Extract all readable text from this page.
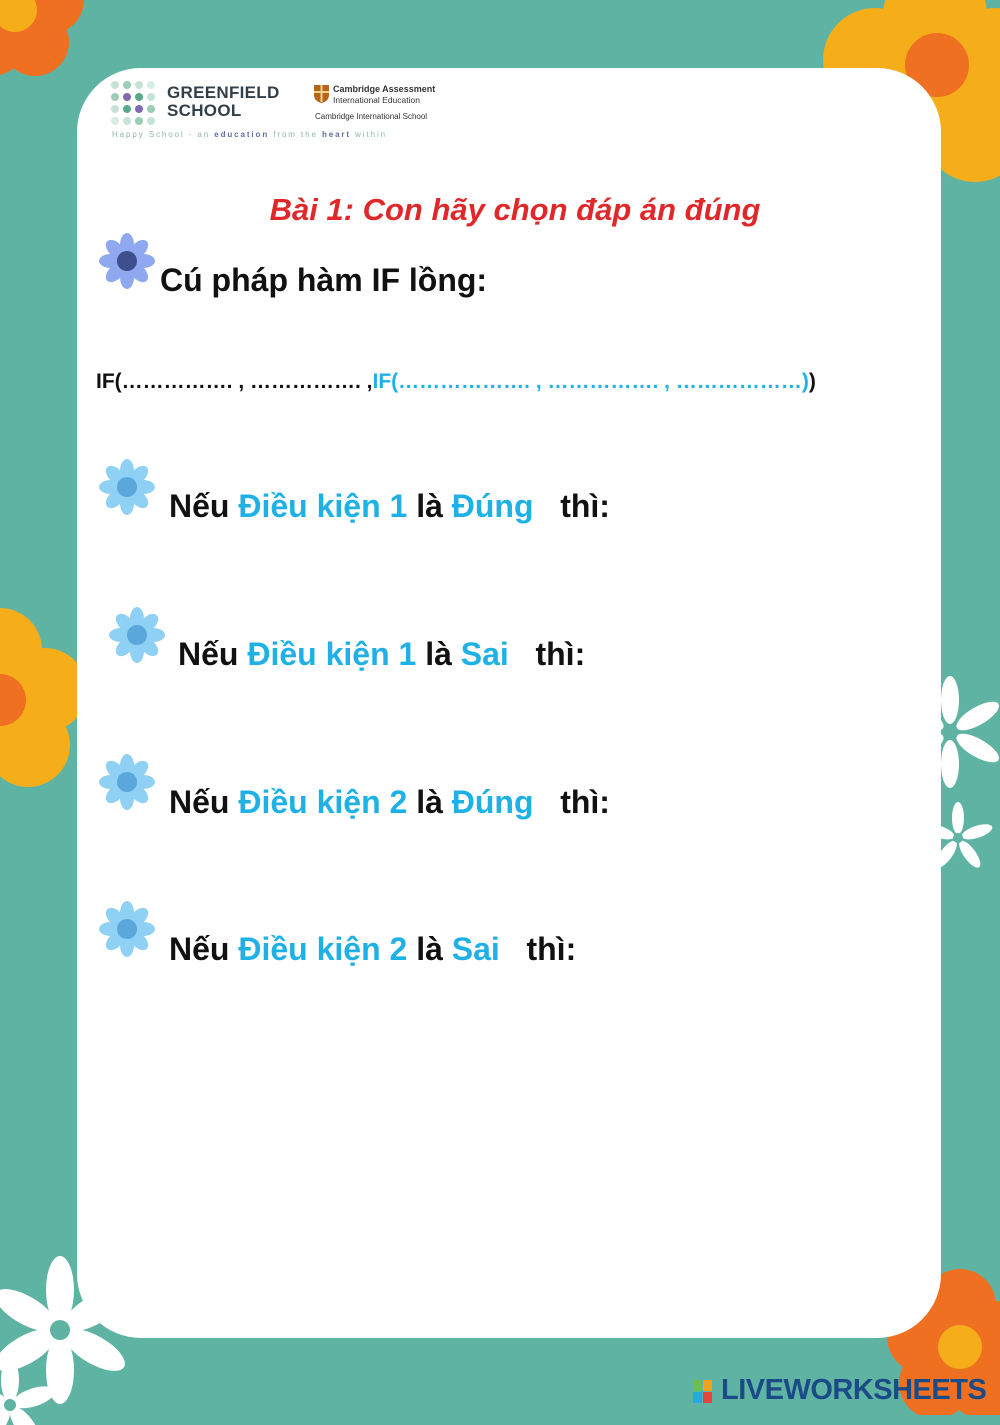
GREENFIELD
SCHOOL
Cambridge Assessment
International Education
Cambridge International School
Happy School - an education from the heart within
Bài 1: Con hãy chọn đáp án đúng
Cú pháp hàm IF lồng:
IF(……………. , ……………. ,IF(………………. , ……………. , ………………))
Nếu Điều kiện 1 là Đúng thì:
Nếu Điều kiện 1 là Sai thì:
Nếu Điều kiện 2 là Đúng thì:
Nếu Điều kiện 2 là Sai thì:
LIVEWORKSHEETS
